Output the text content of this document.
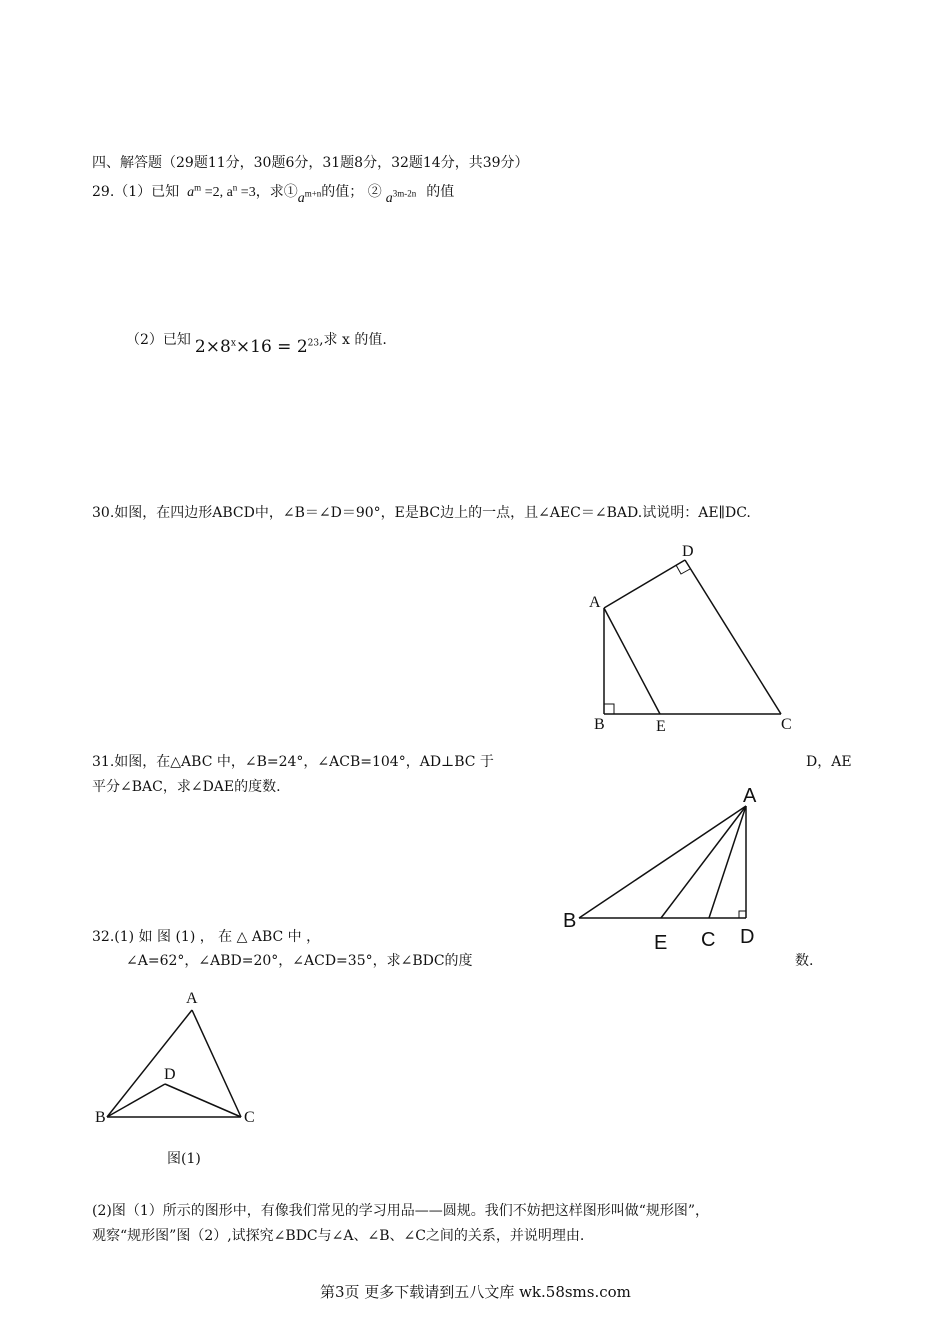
四、解答题（29题11分，30题6分，31题8分，32题14分，共39分）
29.（1）已知 $a^m =2$, $a^n =3$，求$①a^{m+n}$的值； ② $a^{3m-2n}$ 的值
（2）已知 $2\times 8^x\times 16 = 2^{23}$,求 x 的值.
30.如图，在四边形ABCD中，∠B＝∠D＝90°，E是BC边上的一点，且∠AEC＝∠BAD.试说明：AE∥DC.
A
B	C
D
E
31.如图，在△ABC 中，∠B=24°，∠ACB=104°，AD⊥BC 于	D，AE
平分∠BAC，求∠DAE的度数.	A
B
E C D
32.(1) 如 图 (1) ， 在 △ ABC 中 ，
∠A=62°，∠ABD=20°，∠ACD=35°，求∠BDC的度	数.
A
D
B	C
图(1)
(2)图（1）所示的图形中，有像我们常见的学习用品——圆规。我们不妨把这样图形叫做“规形图”，
观察“规形图”图（2）,试探究∠BDC与∠A、∠B、∠C之间的关系，并说明理由.
第3页 更多下载请到五八文库 wk.58sms.com
